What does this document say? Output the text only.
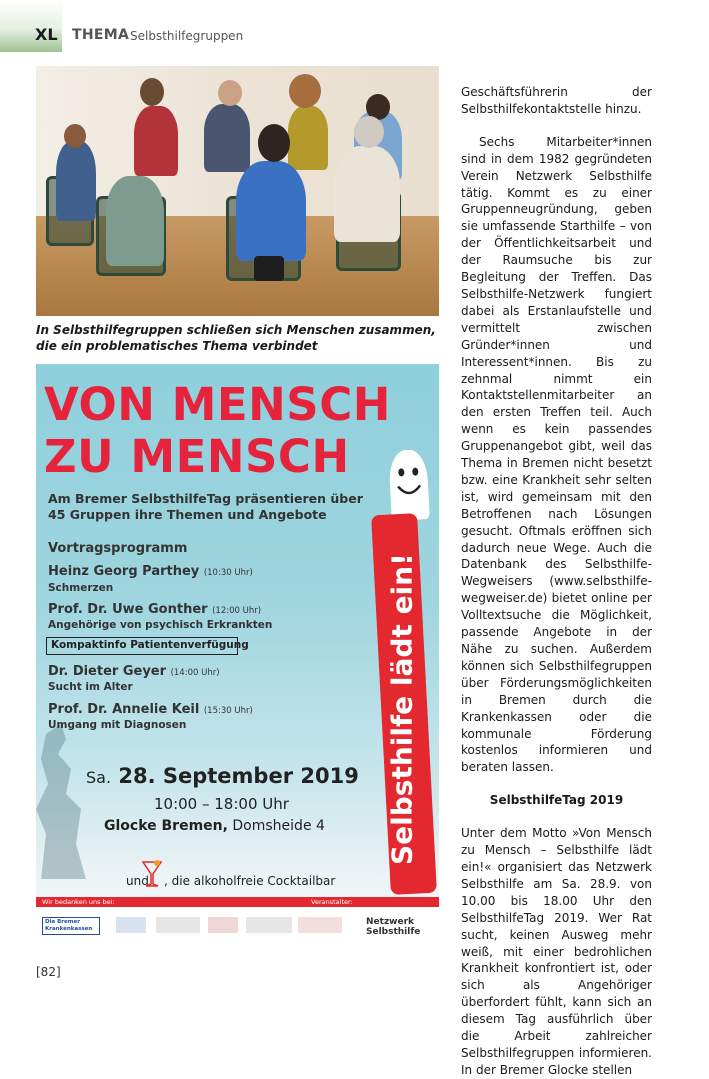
XL THEMA Selbsthilfegruppen
In Selbsthilfegruppen schließen sich Menschen zusammen, die ein problematisches Thema verbindet
VON MENSCH
ZU MENSCH
Am Bremer SelbsthilfeTag präsentieren über 45 Gruppen ihre Themen und Angebote
Vortragsprogramm
Heinz Georg Parthey (10:30 Uhr)
Schmerzen
Prof. Dr. Uwe Gonther (12:00 Uhr)
Angehörige von psychisch Erkrankten
Kompaktinfo Patientenverfügung
Dr. Dieter Geyer (14:00 Uhr)
Sucht im Alter
Prof. Dr. Annelie Keil (15:30 Uhr)
Umgang mit Diagnosen
Sa. 28. September 2019
10:00 – 18:00 Uhr
Glocke Bremen, Domsheide 4
und , die alkoholfreie Cocktailbar
Selbsthilfe lädt ein!
Wir bedanken uns bei:	Veranstalter:
Die Bremer Krankenkassen
Netzwerk Selbsthilfe

Geschäftsführerin der Selbsthilfekontaktstelle hinzu.

Sechs Mitarbeiter*innen sind in dem 1982 gegründeten Verein Netzwerk Selbsthilfe tätig. Kommt es zu einer Gruppenneugründung, geben sie umfassende Starthilfe – von der Öffentlichkeitsarbeit und der Raumsuche bis zur Begleitung der Treffen. Das Selbsthilfe-Netzwerk fungiert dabei als Erstanlaufstelle und vermittelt zwischen Gründer*innen und Interessent*innen. Bis zu zehnmal nimmt ein Kontaktstellenmitarbeiter an den ersten Treffen teil. Auch wenn es kein passendes Gruppenangebot gibt, weil das Thema in Bremen nicht besetzt bzw. eine Krankheit sehr selten ist, wird gemeinsam mit den Betroffenen nach Lösungen gesucht. Oftmals eröffnen sich dadurch neue Wege. Auch die Datenbank des Selbsthilfe-Wegweisers (www.selbsthilfe-wegweiser.de) bietet online per Volltextsuche die Möglichkeit, passende Angebote in der Nähe zu suchen. Außerdem können sich Selbsthilfegruppen über Förderungsmöglichkeiten in Bremen durch die Krankenkassen oder die kommunale Förderung kostenlos informieren und beraten lassen.

SelbsthilfeTag 2019

Unter dem Motto »Von Mensch zu Mensch – Selbsthilfe lädt ein!« organisiert das Netzwerk Selbsthilfe am Sa. 28.9. von 10.00 bis 18.00 Uhr den SelbsthilfeTag 2019. Wer Rat sucht, keinen Ausweg mehr weiß, mit einer bedrohlichen Krankheit konfrontiert ist, oder sich als Angehöriger überfordert fühlt, kann sich an diesem Tag ausführlich über die Arbeit zahlreicher Selbsthilfegruppen informieren. In der Bremer Glocke stellen

[82]
